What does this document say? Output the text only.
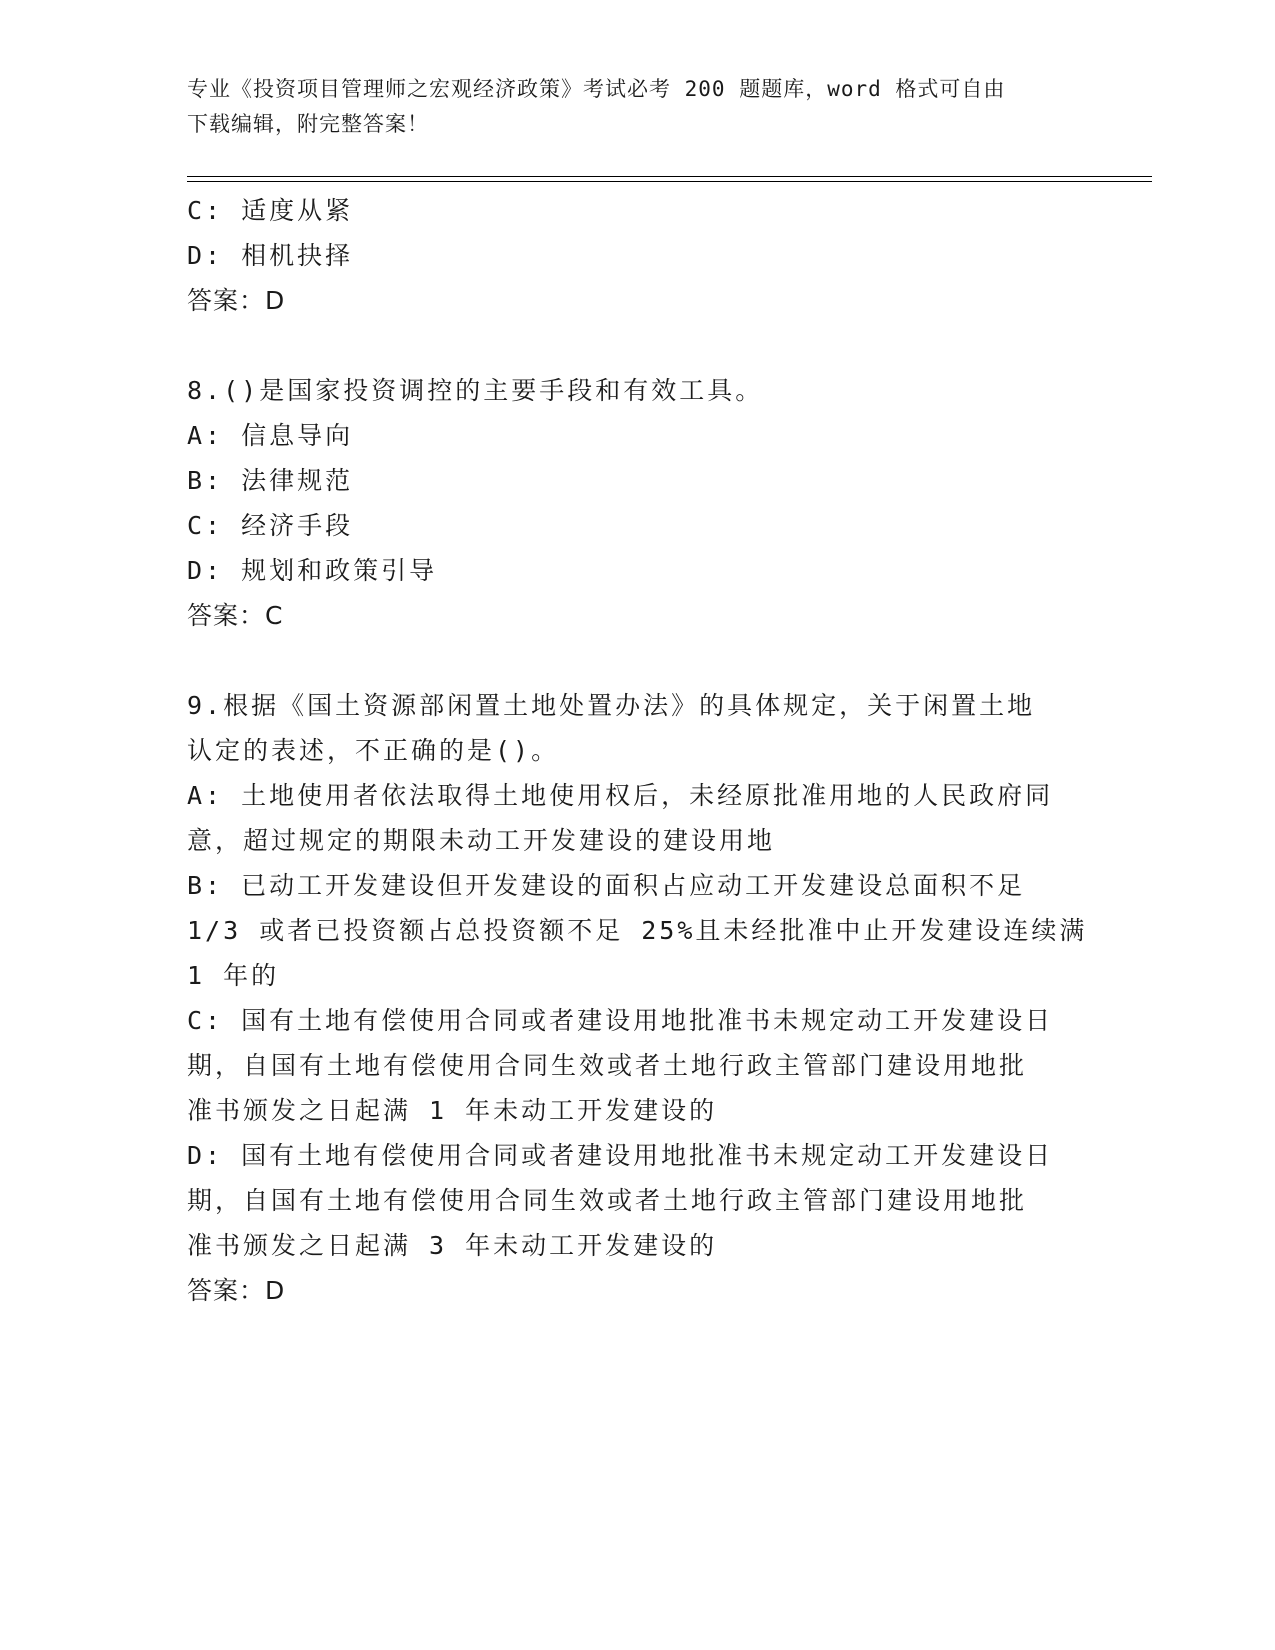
专业《投资项目管理师之宏观经济政策》考试必考 200 题题库，word 格式可自由
下载编辑，附完整答案！
C: 适度从紧
D: 相机抉择
答案：D
8.()是国家投资调控的主要手段和有效工具。
A: 信息导向
B: 法律规范
C: 经济手段
D: 规划和政策引导
答案：C
9.根据《国土资源部闲置土地处置办法》的具体规定，关于闲置土地
认定的表述，不正确的是()。
A: 土地使用者依法取得土地使用权后，未经原批准用地的人民政府同
意，超过规定的期限未动工开发建设的建设用地
B: 已动工开发建设但开发建设的面积占应动工开发建设总面积不足
1/3 或者已投资额占总投资额不足 25%且未经批准中止开发建设连续满
1 年的
C: 国有土地有偿使用合同或者建设用地批准书未规定动工开发建设日
期，自国有土地有偿使用合同生效或者土地行政主管部门建设用地批
准书颁发之日起满 1 年未动工开发建设的
D: 国有土地有偿使用合同或者建设用地批准书未规定动工开发建设日
期，自国有土地有偿使用合同生效或者土地行政主管部门建设用地批
准书颁发之日起满 3 年未动工开发建设的
答案：D
